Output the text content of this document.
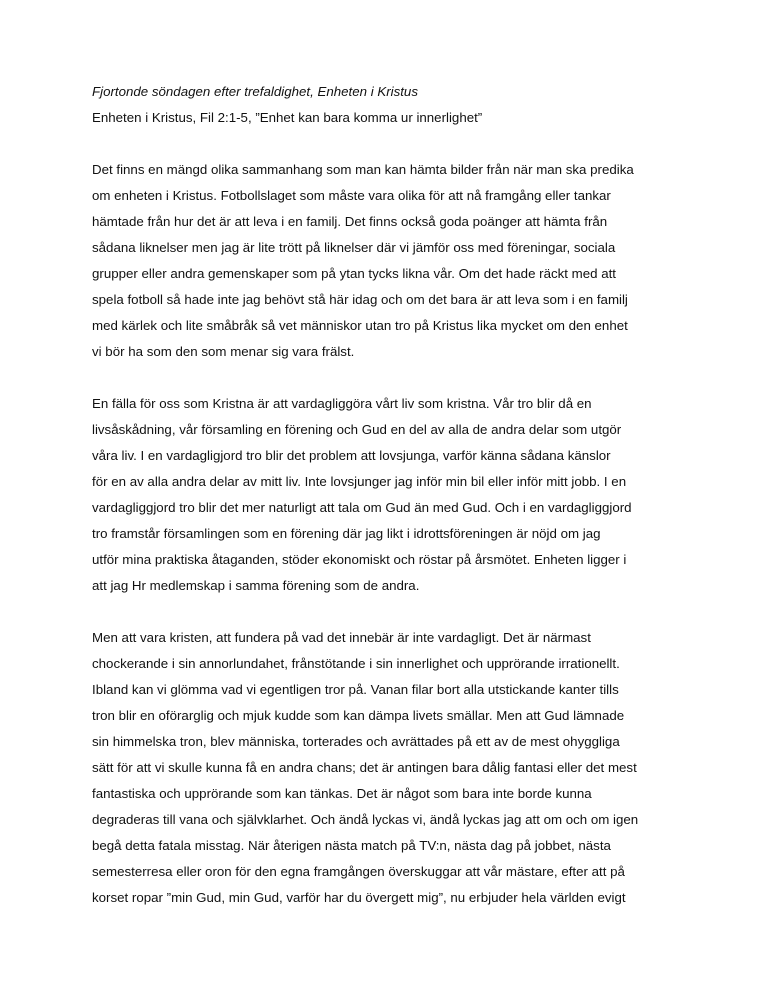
Fjortonde söndagen efter trefaldighet, Enheten i Kristus

Enheten i Kristus, Fil 2:1-5, ”Enhet kan bara komma ur innerlighet”

Det finns en mängd olika sammanhang som man kan hämta bilder från när man ska predika
om enheten i Kristus. Fotbollslaget som måste vara olika för att nå framgång eller tankar
hämtade från hur det är att leva i en familj. Det finns också goda poänger att hämta från
sådana liknelser men jag är lite trött på liknelser där vi jämför oss med föreningar, sociala
grupper eller andra gemenskaper som på ytan tycks likna vår. Om det hade räckt med att
spela fotboll så hade inte jag behövt stå här idag och om det bara är att leva som i en familj
med kärlek och lite småbråk så vet människor utan tro på Kristus lika mycket om den enhet
vi bör ha som den som menar sig vara frälst.

En fälla för oss som Kristna är att vardagliggöra vårt liv som kristna. Vår tro blir då en
livsåskådning, vår församling en förening och Gud en del av alla de andra delar som utgör
våra liv. I en vardagligjord tro blir det problem att lovsjunga, varför känna sådana känslor
för en av alla andra delar av mitt liv. Inte lovsjunger jag inför min bil eller inför mitt jobb. I en
vardagliggjord tro blir det mer naturligt att tala om Gud än med Gud. Och i en vardagliggjord
tro framstår församlingen som en förening där jag likt i idrottsföreningen är nöjd om jag
utför mina praktiska åtaganden, stöder ekonomiskt och röstar på årsmötet. Enheten ligger i
att jag Hr medlemskap i samma förening som de andra.

Men att vara kristen, att fundera på vad det innebär är inte vardagligt. Det är närmast
chockerande i sin annorlundahet, frånstötande i sin innerlighet och upprörande irrationellt.
Ibland kan vi glömma vad vi egentligen tror på. Vanan filar bort alla utstickande kanter tills
tron blir en oförarglig och mjuk kudde som kan dämpa livets smällar. Men att Gud lämnade
sin himmelska tron, blev människa, torterades och avrättades på ett av de mest ohyggliga
sätt för att vi skulle kunna få en andra chans; det är antingen bara dålig fantasi eller det mest
fantastiska och upprörande som kan tänkas. Det är något som bara inte borde kunna
degraderas till vana och självklarhet. Och ändå lyckas vi, ändå lyckas jag att om och om igen
begå detta fatala misstag. När återigen nästa match på TV:n, nästa dag på jobbet, nästa
semesterresa eller oron för den egna framgången överskuggar att vår mästare, efter att på
korset ropar ”min Gud, min Gud, varför har du övergett mig”, nu erbjuder hela världen evigt
